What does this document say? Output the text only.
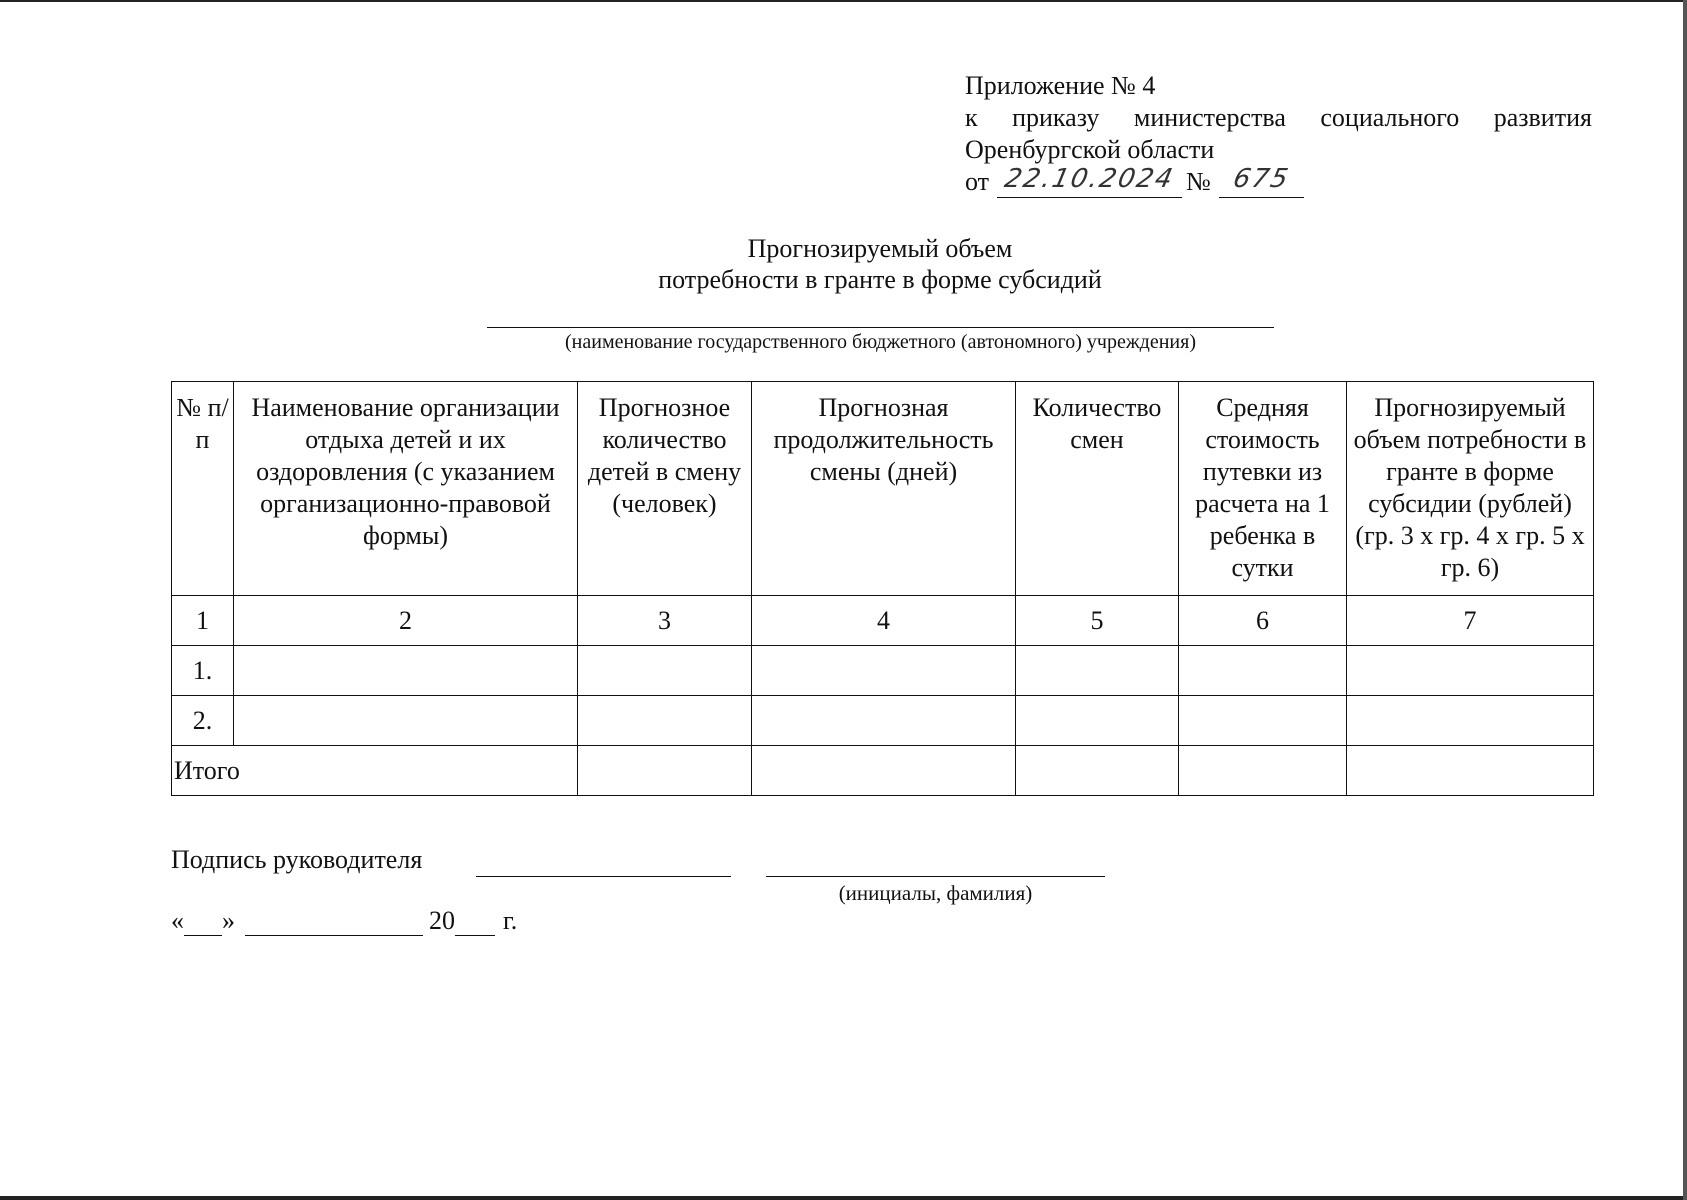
Приложение № 4
к приказу министерства социального развития
Оренбургской области
от 22.10.2024 № 675
Прогнозируемый объем
потребности в гранте в форме субсидий
(наименование государственного бюджетного (автономного) учреждения)
№ п/п	Наименование организации отдыха детей и их оздоровления (с указанием организационно-правовой формы)	Прогнозное количество детей в смену (человек)	Прогнозная продолжительность смены (дней)	Количество смен	Средняя стоимость путевки из расчета на 1 ребенка в сутки	Прогнозируемый объем потребности в гранте в форме субсидии (рублей) (гр. 3 х гр. 4 х гр. 5 х гр. 6)
1	2	3	4	5	6	7
1.						
2.						
Итого						
Подпись руководителя
(инициалы, фамилия)
« »	20 г.
